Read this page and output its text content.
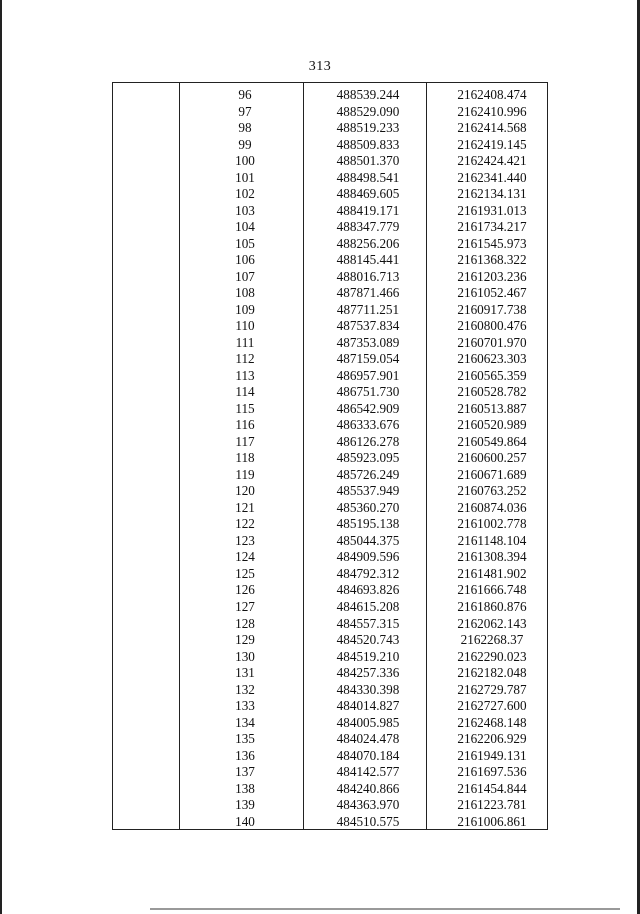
313
96	488539.244	2162408.474
97	488529.090	2162410.996
98	488519.233	2162414.568
99	488509.833	2162419.145
100	488501.370	2162424.421
101	488498.541	2162341.440
102	488469.605	2162134.131
103	488419.171	2161931.013
104	488347.779	2161734.217
105	488256.206	2161545.973
106	488145.441	2161368.322
107	488016.713	2161203.236
108	487871.466	2161052.467
109	487711.251	2160917.738
110	487537.834	2160800.476
111	487353.089	2160701.970
112	487159.054	2160623.303
113	486957.901	2160565.359
114	486751.730	2160528.782
115	486542.909	2160513.887
116	486333.676	2160520.989
117	486126.278	2160549.864
118	485923.095	2160600.257
119	485726.249	2160671.689
120	485537.949	2160763.252
121	485360.270	2160874.036
122	485195.138	2161002.778
123	485044.375	2161148.104
124	484909.596	2161308.394
125	484792.312	2161481.902
126	484693.826	2161666.748
127	484615.208	2161860.876
128	484557.315	2162062.143
129	484520.743	2162268.37
130	484519.210	2162290.023
131	484257.336	2162182.048
132	484330.398	2162729.787
133	484014.827	2162727.600
134	484005.985	2162468.148
135	484024.478	2162206.929
136	484070.184	2161949.131
137	484142.577	2161697.536
138	484240.866	2161454.844
139	484363.970	2161223.781
140	484510.575	2161006.861
